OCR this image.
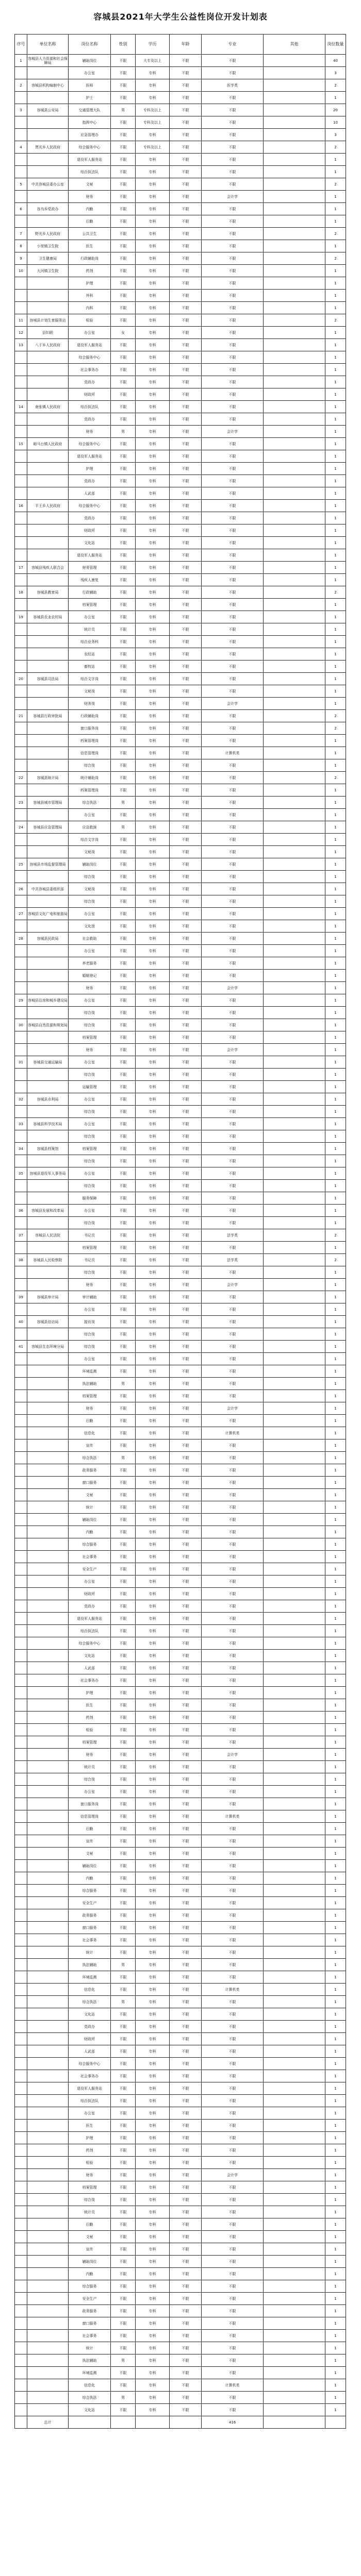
容城县2021年大学生公益性岗位开发计划表
序号	单位名称	岗位名称	性别	学历	年龄	专业	其他	岗位数量
1	容城县人力资源和社会保障局	辅助岗位	不限	大专及以上	不限	不限		40
		办公室	不限	专科	不限	不限		3
2	容城县机构编制中心	医师	不限	专科	不限	医学类		2
		护士	不限	专科	不限	不限		1
3	容城县公安局	交通管理大队	男	专科及以上	不限	不限		20
		指挥中心	不限	专科及以上	不限	不限		10
		应急管理办	不限	专科	不限	不限		3
4	贾光乡人民政府	综合服务中心	不限	专科及以上	不限	不限		2
		退役军人服务站	不限	专科	不限	不限		1
		综合执法队	不限	专科	不限	不限		1
5	中共容城县委办公室	文秘	不限	专科	不限	不限		2
		财务	不限	专科	不限	会计学		1
6	容乌乡党政办	内勤	不限	专科	不限	不限		1
		后勤	不限	专科	不限	不限		1
7	野光乡人民政府	公共卫生	不限	专科	不限	不限		2
8	小里镇卫生院	医生	不限	专科	不限	不限		1
9	卫生健康局	行政辅助岗	不限	专科	不限	不限		2
10	大河镇卫生院	药剂	不限	专科	不限	不限		1
		护理	不限	专科	不限	不限		1
		外科	不限	专科	不限	不限		1
		内科	不限	专科	不限	不限		1
11	容城县计划生育服务站	检验	不限	专科	不限	不限		2
12	县妇联	办公室	女	专科	不限	不限		1
13	八于乡人民政府	退役军人服务站	不限	专科	不限	不限		1
		综合服务中心	不限	专科	不限	不限		1
		社会事务办	不限	专科	不限	不限		1
		党政办	不限	专科	不限	不限		1
		财政所	不限	专科	不限	不限		1
14	南张镇人民政府	综合执法队	不限	专科	不限	不限		1
		党政办	不限	专科	不限	不限		1
		财务	男	专科	不限	会计学		1
15	晾马台镇人民政府	综合服务中心	不限	专科	不限	不限		1
		退役军人服务站	不限	专科	不限	不限		1
		护理	不限	专科	不限	不限		1
		党政办	不限	专科	不限	不限		1
		人武部	不限	专科	不限	不限		1
16	平王乡人民政府	综合服务中心	不限	专科	不限	不限		1
		党政办	不限	专科	不限	不限		1
		财政所	不限	专科	不限	不限		1
		文化站	不限	专科	不限	不限		1
		退役军人服务站	不限	专科	不限	不限		1
17	容城县残疾人联合会	财务管理	不限	专科	不限	不限		1
		残疾人康复	不限	专科	不限	不限		1
18	容城县教育局	行政辅助	不限	专科	不限	不限		2
		档案管理	不限	专科	不限	不限		1
19	容城县农业农村局	办公室	不限	专科	不限	不限		1
		统计员	不限	专科	不限	不限		1
		综合业务科	不限	专科	不限	不限		1
		农经站	不限	专科	不限	不限		1
		畜牧站	不限	专科	不限	不限		1
20	容城县司法局	综合文字岗	不限	专科	不限	不限		1
		文秘岗	不限	专科	不限	不限		1
		财务岗	不限	专科	不限	会计学		1
21	容城县行政审批局	行政辅助岗	不限	专科	不限	不限		2
		窗口服务岗	不限	专科	不限	不限		2
		档案管理岗	不限	专科	不限	不限		1
		信息管理岗	不限	专科	不限	计算机类		1
		综合岗	不限	专科	不限	不限		1
22	容城县统计局	统计辅助岗	不限	专科	不限	不限		2
		档案管理岗	不限	专科	不限	不限		1
23	容城县城市管理局	综合执法	男	专科	不限	不限		1
		办公室	不限	专科	不限	不限		1
24	容城县应急管理局	应急救援	男	专科	不限	不限		1
		综合文字岗	不限	专科	不限	不限		1
		文秘岗	不限	专科	不限	不限		1
25	容城县市场监督管理局	辅助岗位	不限	专科	不限	不限		1
		综合岗	不限	专科	不限	不限		1
26	中共容城县委组织部	文秘岗	不限	专科	不限	不限		1
		综合岗	不限	专科	不限	不限		1
27	容城县文化广电和旅游局	办公室	不限	专科	不限	不限		1
		文化馆	不限	专科	不限	不限		1
28	容城县民政局	社会救助	不限	专科	不限	不限		1
		办公室	不限	专科	不限	不限		1
		养老服务	不限	专科	不限	不限		1
		婚姻登记	不限	专科	不限	不限		1
		财务	不限	专科	不限	会计学		1
29	容城县住房和城乡建设局	办公室	不限	专科	不限	不限		1
		综合岗	不限	专科	不限	不限		1
30	容城县自然资源和规划局	综合岗	不限	专科	不限	不限		1
		档案管理	不限	专科	不限	不限		1
		财务	不限	专科	不限	会计学		1
31	容城县交通运输局	办公室	不限	专科	不限	不限		1
		综合岗	不限	专科	不限	不限		1
		运输管理	不限	专科	不限	不限		1
32	容城县水利局	办公室	不限	专科	不限	不限		1
		综合岗	不限	专科	不限	不限		1
33	容城县科学技术局	办公室	不限	专科	不限	不限		1
		综合岗	不限	专科	不限	不限		1
34	容城县档案馆	档案管理	不限	专科	不限	不限		1
		综合岗	不限	专科	不限	不限		1
35	容城县退役军人事务局	办公室	不限	专科	不限	不限		1
		综合岗	不限	专科	不限	不限		1
		服务保障	不限	专科	不限	不限		1
36	容城县发展和改革局	办公室	不限	专科	不限	不限		1
		综合岗	不限	专科	不限	不限		1
37	容城县人民法院	书记员	不限	专科	不限	法学类		2
		档案管理	不限	专科	不限	不限		1
38	容城县人民检察院	书记员	不限	专科	不限	法学类		2
		综合岗	不限	专科	不限	不限		1
		财务	不限	专科	不限	会计学		1
39	容城县审计局	审计辅助	不限	专科	不限	不限		1
		办公室	不限	专科	不限	不限		1
40	容城县信访局	接访岗	不限	专科	不限	不限		1
		综合岗	不限	专科	不限	不限		1
41	容城县生态环境分局	综合岗	不限	专科	不限	不限		1
		办公室	不限	专科	不限	不限		1
		环境监测	不限	专科	不限	不限		1
		执法辅助	男	专科	不限	不限		1
		档案管理	不限	专科	不限	不限		1
		财务	不限	专科	不限	会计学		1
		后勤	不限	专科	不限	不限		1
		信息化	不限	专科	不限	计算机类		1
		宣传	不限	专科	不限	不限		1
		综合执法	男	专科	不限	不限		1
		政务服务	不限	专科	不限	不限		1
		窗口服务	不限	专科	不限	不限		1
		文秘	不限	专科	不限	不限		1
		统计	不限	专科	不限	不限		1
		辅助岗位	不限	专科	不限	不限		1
		内勤	不限	专科	不限	不限		1
		综合服务	不限	专科	不限	不限		1
		社会事务	不限	专科	不限	不限		1
		安全生产	不限	专科	不限	不限		1
		办公室	不限	专科	不限	不限		1
		财政所	不限	专科	不限	不限		1
		党政办	不限	专科	不限	不限		1
		退役军人服务站	不限	专科	不限	不限		1
		综合执法队	不限	专科	不限	不限		1
		综合服务中心	不限	专科	不限	不限		1
		文化站	不限	专科	不限	不限		1
		人武部	不限	专科	不限	不限		1
		社会事务办	不限	专科	不限	不限		1
		护理	不限	专科	不限	不限		1
		医生	不限	专科	不限	不限		1
		药剂	不限	专科	不限	不限		1
		检验	不限	专科	不限	不限		1
		档案管理	不限	专科	不限	不限		1
		财务	不限	专科	不限	会计学		1
		统计员	不限	专科	不限	不限		1
		综合岗	不限	专科	不限	不限		1
		办公室	不限	专科	不限	不限		1
		窗口服务岗	不限	专科	不限	不限		1
		信息管理岗	不限	专科	不限	计算机类		1
		后勤	不限	专科	不限	不限		1
		宣传	不限	专科	不限	不限		1
		文秘	不限	专科	不限	不限		1
		辅助岗位	不限	专科	不限	不限		1
		内勤	不限	专科	不限	不限		1
		综合服务	不限	专科	不限	不限		1
		安全生产	不限	专科	不限	不限		1
		政务服务	不限	专科	不限	不限		1
		窗口服务	不限	专科	不限	不限		1
		社会事务	不限	专科	不限	不限		1
		统计	不限	专科	不限	不限		1
		执法辅助	男	专科	不限	不限		1
		环境监测	不限	专科	不限	不限		1
		信息化	不限	专科	不限	计算机类		1
		综合执法	男	专科	不限	不限		1
		文化站	不限	专科	不限	不限		1
		党政办	不限	专科	不限	不限		1
		财政所	不限	专科	不限	不限		1
		人武部	不限	专科	不限	不限		1
		综合服务中心	不限	专科	不限	不限		1
		社会事务办	不限	专科	不限	不限		1
		退役军人服务站	不限	专科	不限	不限		1
		综合执法队	不限	专科	不限	不限		1
		办公室	不限	专科	不限	不限		1
		医生	不限	专科	不限	不限		1
		护理	不限	专科	不限	不限		1
		药剂	不限	专科	不限	不限		1
		检验	不限	专科	不限	不限		1
		财务	不限	专科	不限	会计学		1
		档案管理	不限	专科	不限	不限		1
		综合岗	不限	专科	不限	不限		1
		统计员	不限	专科	不限	不限		1
		后勤	不限	专科	不限	不限		1
		文秘	不限	专科	不限	不限		1
		宣传	不限	专科	不限	不限		1
		辅助岗位	不限	专科	不限	不限		1
		内勤	不限	专科	不限	不限		1
		综合服务	不限	专科	不限	不限		1
		安全生产	不限	专科	不限	不限		1
		政务服务	不限	专科	不限	不限		1
		窗口服务	不限	专科	不限	不限		1
		社会事务	不限	专科	不限	不限		1
		统计	不限	专科	不限	不限		1
		执法辅助	男	专科	不限	不限		1
		环境监测	不限	专科	不限	不限		1
		信息化	不限	专科	不限	计算机类		1
		综合执法	男	专科	不限	不限		1
		文化站	不限	专科	不限	不限		1
	总计					416		
